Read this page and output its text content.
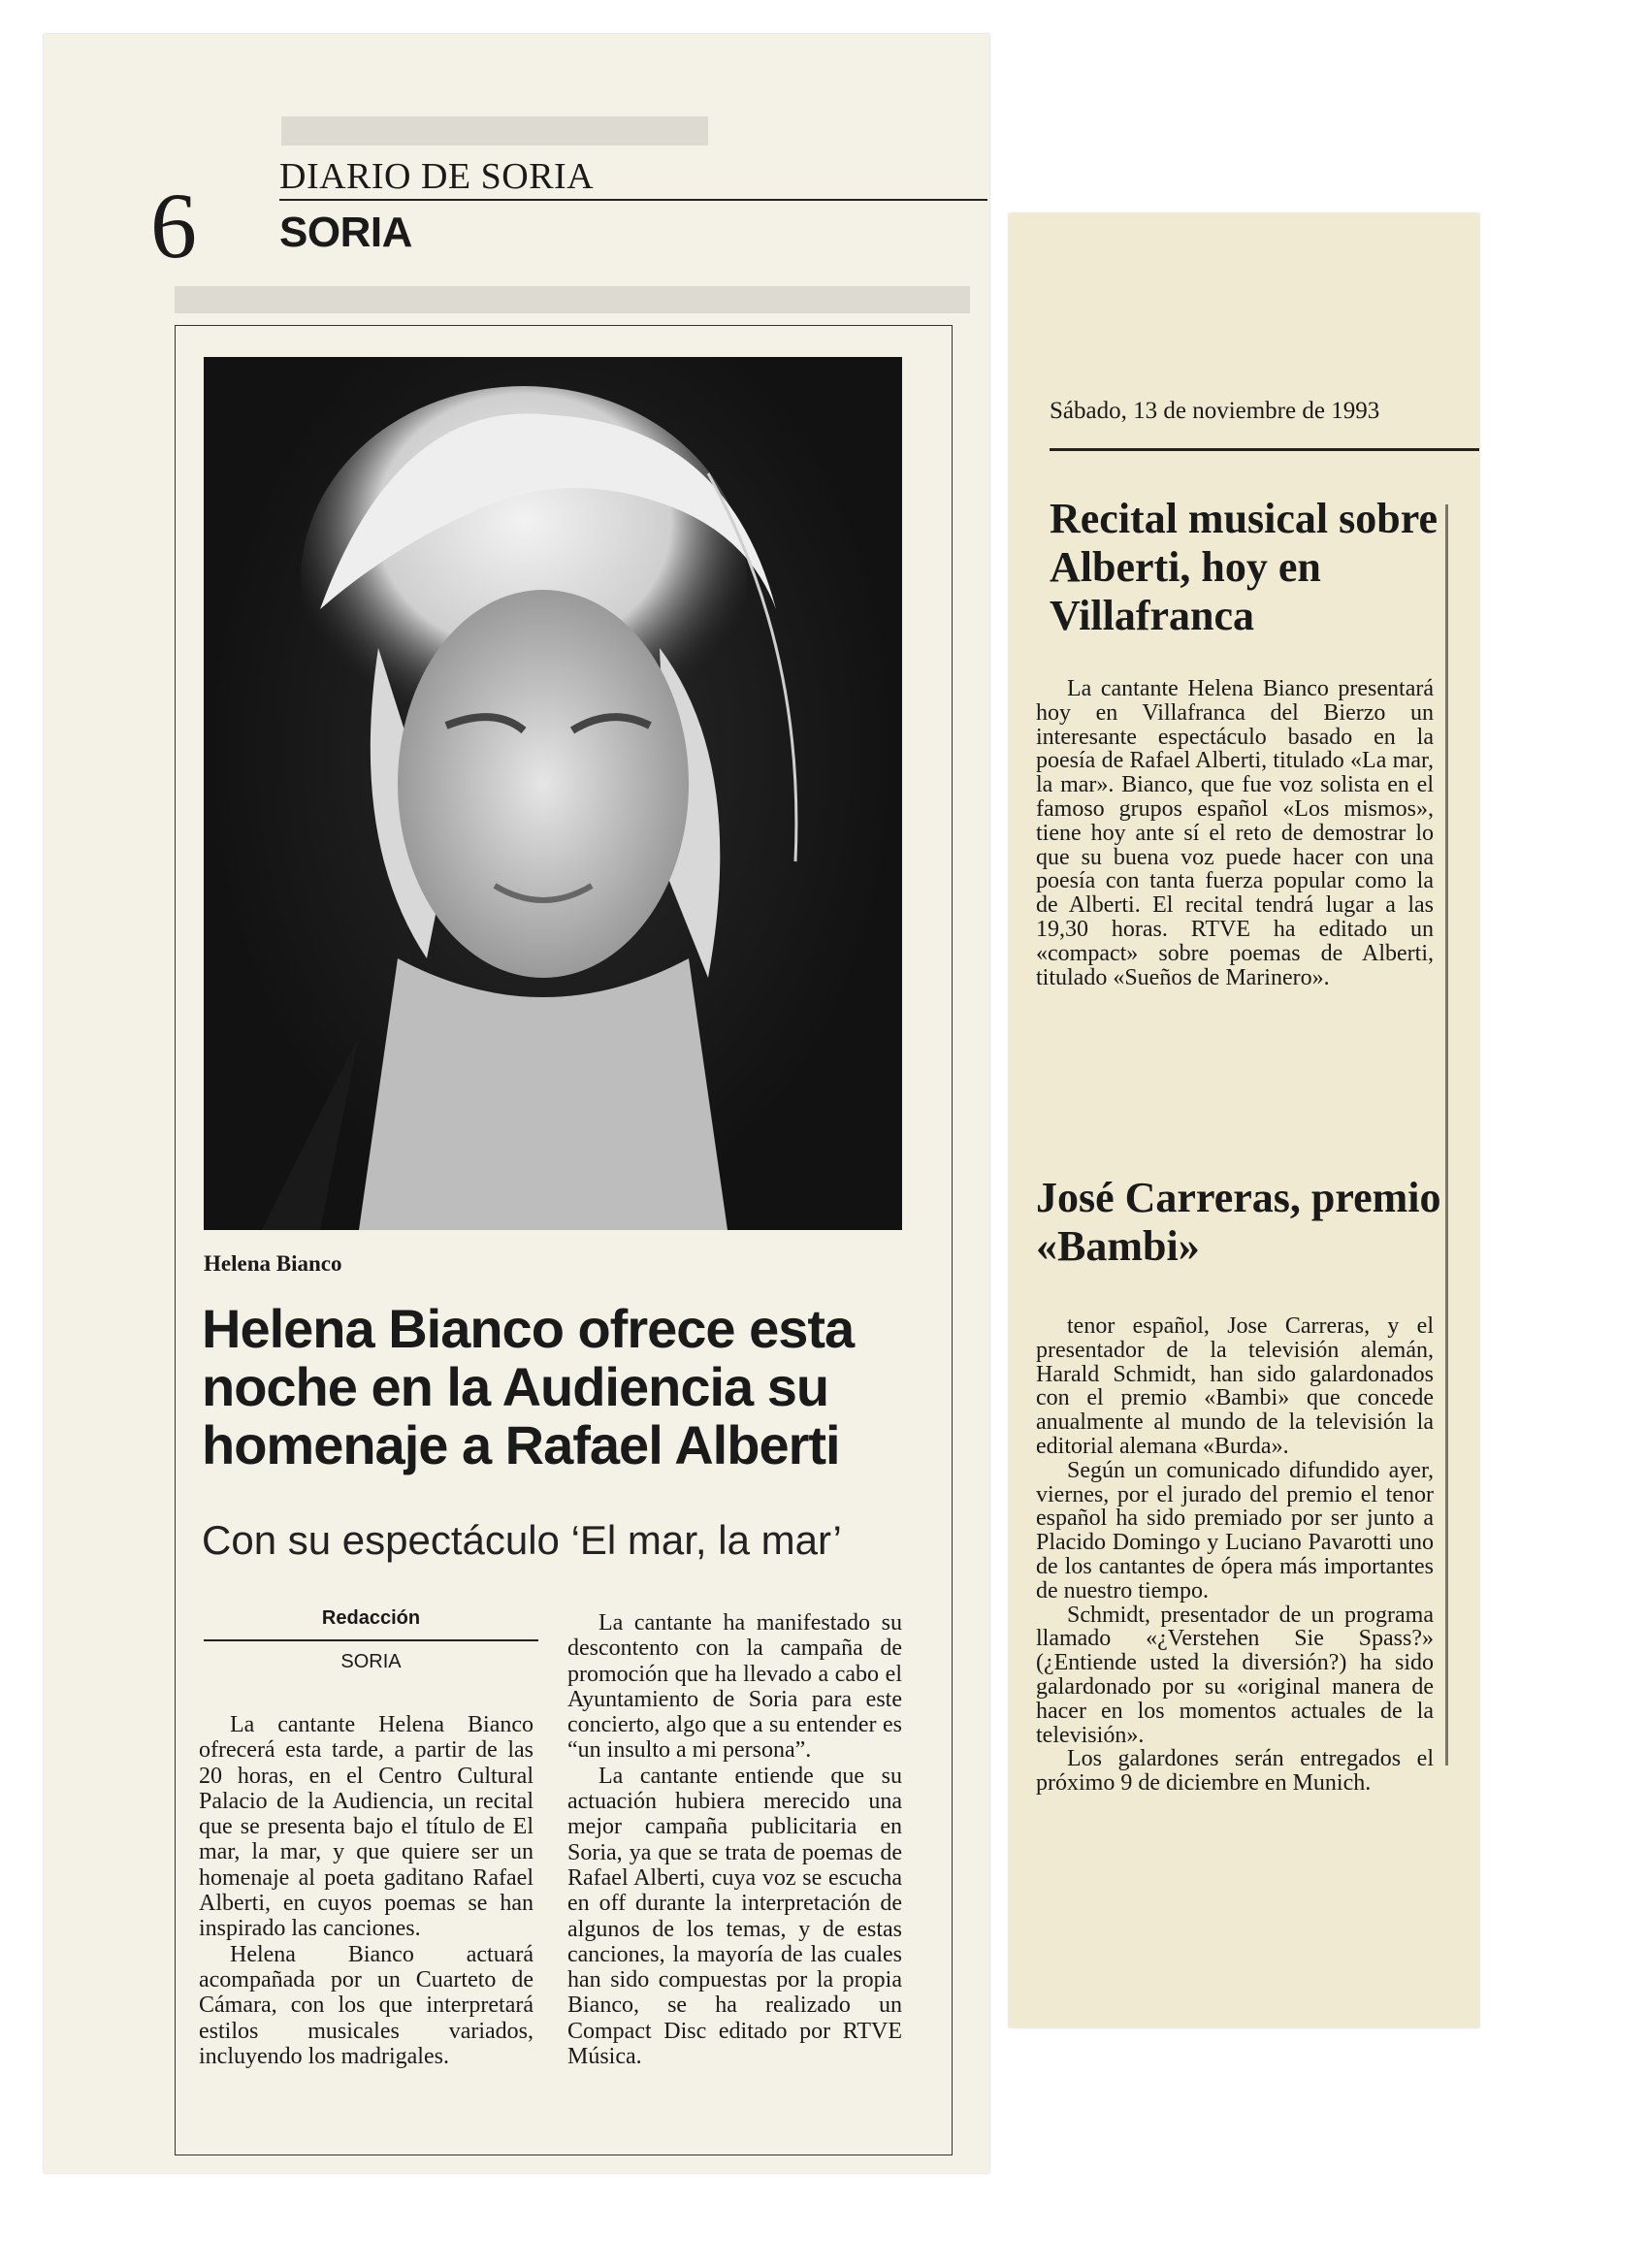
6 DIARIO DE SORIA
SORIA
Helena Bianco
Helena Bianco ofrece esta noche en la Audiencia su homenaje a Rafael Alberti
Con su espectáculo ‘El mar, la mar’
Redacción
SORIA

La cantante Helena Bianco ofrecerá esta tarde, a partir de las 20 horas, en el Centro Cultural Palacio de la Audiencia, un recital que se presenta bajo el título de El mar, la mar, y que quiere ser un homenaje al poeta gaditano Rafael Alberti, en cuyos poemas se han inspirado las canciones.

Helena Bianco actuará acompañada por un Cuarteto de Cámara, con los que interpretará estilos musicales variados, incluyendo los madrigales.

La cantante ha manifestado su descontento con la campaña de promoción que ha llevado a cabo el Ayuntamiento de Soria para este concierto, algo que a su entender es “un insulto a mi persona”.

La cantante entiende que su actuación hubiera merecido una mejor campaña publicitaria en Soria, ya que se trata de poemas de Rafael Alberti, cuya voz se escucha en off durante la interpretación de algunos de los temas, y de estas canciones, la mayoría de las cuales han sido compuestas por la propia Bianco, se ha realizado un Compact Disc editado por RTVE Música.

Sábado, 13 de noviembre de 1993
Recital musical sobre Alberti, hoy en Villafranca

La cantante Helena Bianco presentará hoy en Villafranca del Bierzo un interesante espectáculo basado en la poesía de Rafael Alberti, titulado «La mar, la mar». Bianco, que fue voz solista en el famoso grupos español «Los mismos», tiene hoy ante sí el reto de demostrar lo que su buena voz puede hacer con una poesía con tanta fuerza popular como la de Alberti. El recital tendrá lugar a las 19,30 horas. RTVE ha editado un «compact» sobre poemas de Alberti, titulado «Sueños de Marinero».

José Carreras, premio «Bambi»

tenor español, Jose Carreras, y el presentador de la televisión alemán, Harald Schmidt, han sido galardonados con el premio «Bambi» que concede anualmente al mundo de la televisión la editorial alemana «Burda».

Según un comunicado difundido ayer, viernes, por el jurado del premio el tenor español ha sido premiado por ser junto a Placido Domingo y Luciano Pavarotti uno de los cantantes de ópera más importantes de nuestro tiempo.

Schmidt, presentador de un programa llamado «¿Verstehen Sie Spass?» (¿Entiende usted la diversión?) ha sido galardonado por su «original manera de hacer en los momentos actuales de la televisión».

Los galardones serán entregados el próximo 9 de diciembre en Munich.
